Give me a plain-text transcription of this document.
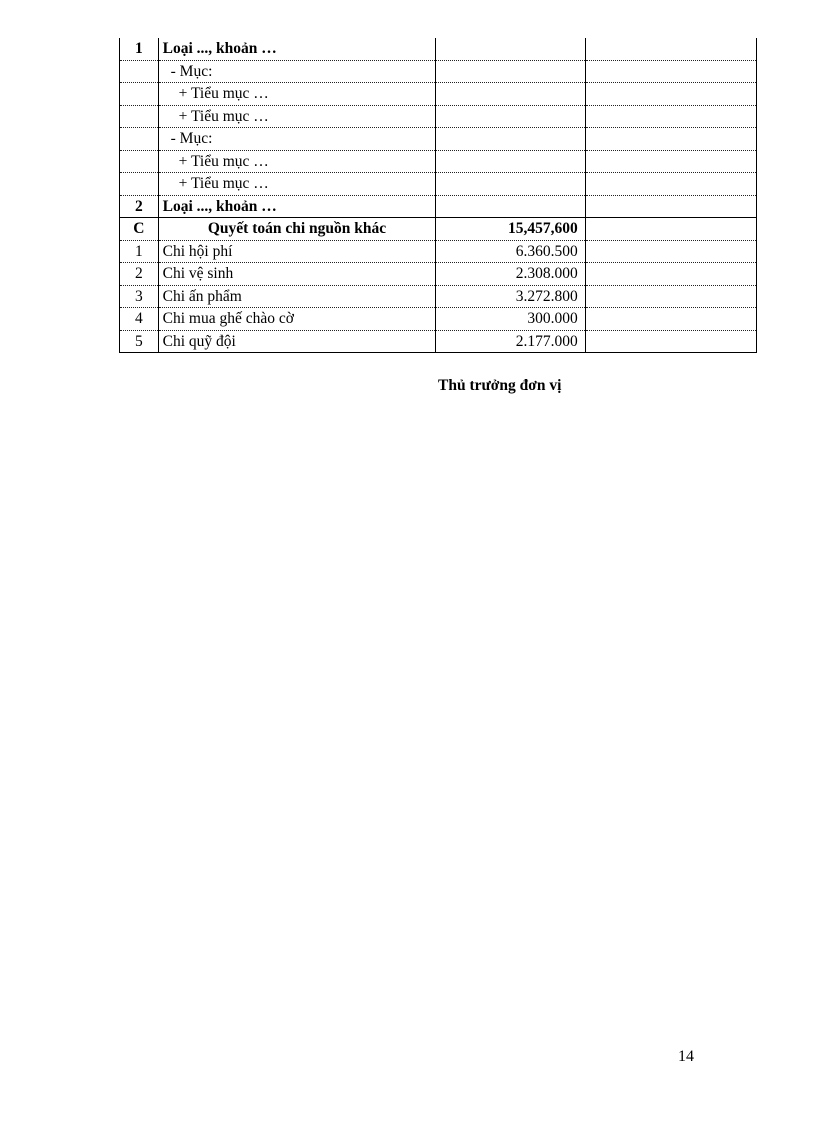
1	Loại ..., khoản …		
	- Mục:		
	+ Tiểu mục …		
	+ Tiểu mục …		
	- Mục:		
	+ Tiểu mục …		
	+ Tiểu mục …		
2	Loại ..., khoản …		
C	Quyết toán chi nguồn khác	15,457,600	
1	Chi hội phí	6.360.500	
2	Chi vệ sinh	2.308.000	
3	Chi ấn phẩm	3.272.800	
4	Chi mua ghế chào cờ	300.000	
5	Chi quỹ đội	2.177.000	
Thủ trưởng đơn vị
14
